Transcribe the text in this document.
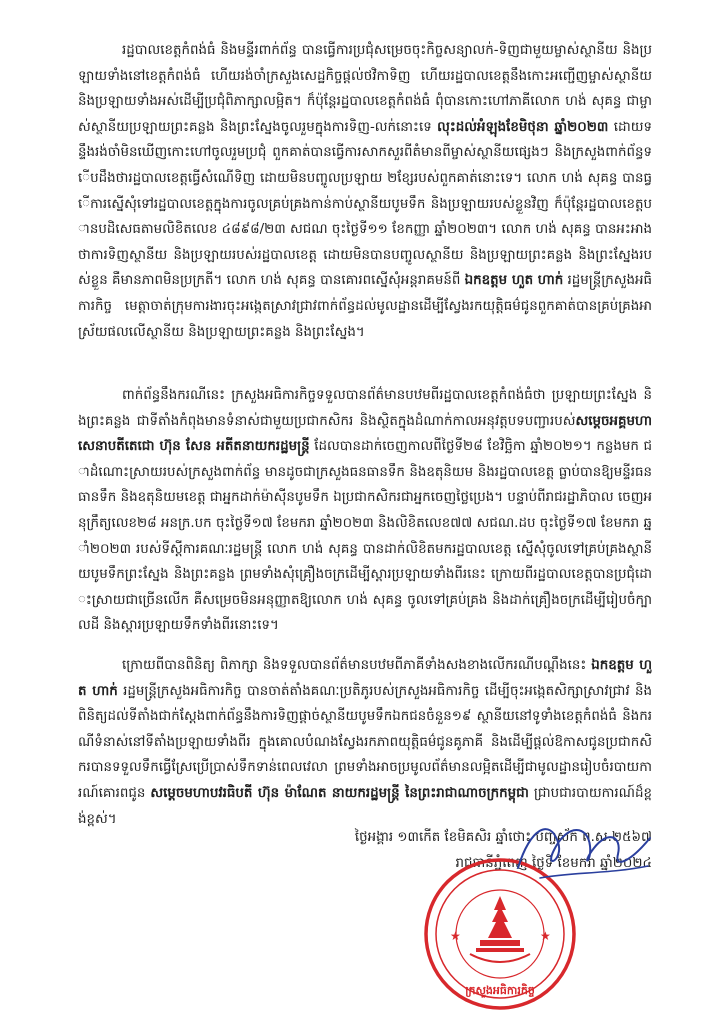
រដ្ឋបាលខេត្តកំពង់ធំ និងមន្ទីរពាក់ព័ន្ធ បានធ្វើការប្រជុំសម្រេចចុះកិច្ចសន្យាលក់-ទិញជាមួយម្ចាស់ស្ថានីយ និងប្រឡាយទាំងនៅខេត្តកំពង់ធំ ហើយរង់ចាំក្រសួងសេដ្ឋកិច្ចផ្តល់ថវិកាទិញ ហើយរដ្ឋបាលខេត្តនឹងកោះអញ្ជើញម្ចាស់ស្ថានីយ និងប្រឡាយទាំងអស់ដើម្បីប្រជុំពិភាក្សាលម្អិត។ ក៏ប៉ុន្តែរដ្ឋបាលខេត្តកំពង់ធំ ពុំបានកោះហៅភាគីលោក ហង់ សុគន្ធ ជាម្ចាស់ស្ថានីយប្រឡាយព្រះគន្លង និងព្រះស្នែងចូលរួមក្នុងការទិញ-លក់នោះទេ លុះដល់អំឡុងខែមិថុនា ឆ្នាំ២០២៣ ដោយទន្ទឹងរង់ចាំមិនឃើញកោះហៅចូលរួមប្រជុំ ពួកគាត់បានធ្វើការសាកសួរពីតំមានពីម្ចាស់ស្ថានីយផ្សេងៗ និងក្រសួងពាក់ព័ន្ធទើបដឹងថារដ្ឋបាលខេត្តធ្វើសំណើទិញ ដោយមិនបញ្ចូលប្រឡាយ ២ខ្សែរបស់ពួកគាត់នោះទេ។ លោក ហង់ សុគន្ធ បានធ្វើការស្នើសុំទៅរដ្ឋបាលខេត្តក្នុងការចូលគ្រប់គ្រងកាន់កាប់ស្ថានីយបូមទឹក និងប្រឡាយរបស់ខ្លួនវិញ ក៏ប៉ុន្តែរដ្ឋបាលខេត្តបានបដិសេធតាមលិខិតលេខ ៤៨៩៨/២៣ សជណ ចុះថ្ងៃទី១១ ខែកញ្ញា ឆ្នាំ២០២៣។ លោក ហង់ សុគន្ធ បានអះអាងថាការទិញស្ថានីយ និងប្រឡាយរបស់រដ្ឋបាលខេត្ត ដោយមិនបានបញ្ចូលស្ថានីយ និងប្រឡាយព្រះគន្លង និងព្រះស្នែងរបស់ខ្លួន គឺមានភាពមិនប្រក្រតី។ លោក ហង់ សុគន្ធ បានគោរពស្នើសុំអន្តរាគមន៍ពី ឯកឧត្តម ហួត ហាក់ រដ្ឋមន្ត្រីក្រសួងអធិការកិច្ច មេត្តាចាត់ក្រុមការងារចុះអង្កេតស្រាវជ្រាវពាក់ព័ន្ធដល់មូលដ្ឋានដើម្បីស្វែងរកយុត្តិធម៌ជូនពួកគាត់បានគ្រប់គ្រងអាស្រ័យផលលើស្ថានីយ និងប្រឡាយព្រះគន្លង និងព្រះស្នែង។
ពាក់ព័ន្ធនឹងករណីនេះ ក្រសួងអធិការកិច្ចទទួលបានព័ត៌មានបឋមពីរដ្ឋបាលខេត្តកំពង់ធំថា ប្រឡាយព្រះស្នែង និងព្រះគន្លង ជាទីតាំងកំពុងមានទំនាស់ជាមួយប្រជាកសិករ និងស្ថិតក្នុងដំណាក់កាលអនុវត្តបទបញ្ជារបស់សម្តេចអគ្គមហាសេនាបតីតេជោ ហ៊ុន សែន អតីតនាយករដ្ឋមន្ត្រី ដែលបានដាក់ចេញកាលពីថ្ងៃទី២៨ ខែវិច្ឆិកា ឆ្នាំ២០២១។ កន្លងមក ជាដំណោះស្រាយរបស់ក្រសួងពាក់ព័ន្ធ មានដូចជាក្រសួងធនធានទឹក និងឧតុនិយម និងរដ្ឋបាលខេត្ត ធ្លាប់បានឱ្យមន្ទីរធនធានទឹក និងឧតុនិយមខេត្ត ជាអ្នកដាក់ម៉ាស៊ីនបូមទឹក ឯប្រជាកសិករជាអ្នកចេញថ្លៃប្រេង។ បន្ទាប់ពីរាជរដ្ឋាភិបាល ចេញអនុក្រឹត្យលេខ២៨ អនក្រ.បក ចុះថ្ងៃទី១៧ ខែមករា ឆ្នាំ២០២៣ និងលិខិតលេខ៧៧ សជណ.ដប ចុះថ្ងៃទី១៧ ខែមករា ឆ្នាំ២០២៣ របស់ទីស្តីការគណៈរដ្ឋមន្ត្រី លោក ហង់ សុគន្ធ បានដាក់លិខិតមករដ្ឋបាលខេត្ត ស្នើសុំចូលទៅគ្រប់គ្រងស្ថានីយបូមទឹកព្រះស្នែង និងព្រះគន្លង ព្រមទាំងសុំគ្រឿងចក្រដើម្បីស្តារប្រឡាយទាំងពីរនេះ ក្រោយពីរដ្ឋបាលខេត្តបានប្រជុំដោះស្រាយជាច្រើនលើក គឺសម្រេចមិនអនុញ្ញាតឱ្យលោក ហង់ សុគន្ធ ចូលទៅគ្រប់គ្រង និងដាក់គ្រឿងចក្រដើម្បីរៀបចំក្បាលដី និងស្តារប្រឡាយទឹកទាំងពីរនោះទេ។
ក្រោយពីបានពិនិត្យ ពិភាក្សា និងទទួលបានព័ត៌មានបឋមពីភាគីទាំងសងខាងលើករណីបណ្តឹងនេះ ឯកឧត្តម ហួត ហាក់ រដ្ឋមន្ត្រីក្រសួងអធិការកិច្ច បានចាត់តាំងគណៈប្រតិភូរបស់ក្រសួងអធិការកិច្ច ដើម្បីចុះអង្កេតសិក្សាស្រាវជ្រាវ និងពិនិត្យដល់ទីតាំងជាក់ស្តែងពាក់ព័ន្ធនឹងការទិញផ្តាច់ស្ថានីយបូមទឹកឯកជនចំនួន១៩ ស្ថានីយនៅទូទាំងខេត្តកំពង់ធំ និងករណីទំនាស់នៅទីតាំងប្រឡាយទាំងពីរ ក្នុងគោលបំណងស្វែងរកភាពយុត្តិធម៌ជូនគូភាគី និងដើម្បីផ្តល់ឱកាសជូនប្រជាកសិករបានទទួលទឹកធ្វើស្រែប្រើប្រាស់ទឹកទាន់ពេលវេលា ព្រមទាំងអាចប្រមូលព័ត៌មានលម្អិតដើម្បីជាមូលដ្ឋានរៀបចំរបាយការណ៍គោរពជូន សម្តេចមហាបវរធិបតី ហ៊ុន ម៉ាណែត នាយករដ្ឋមន្ត្រី នៃព្រះរាជាណាចក្រកម្ពុជា ជ្រាបជារបាយការណ៍ដ៏ខ្ពង់ខ្ពស់។
ថ្ងៃអង្គារ ១៣កើត ខែមិគសិរ ឆ្នាំថោះ បញ្ចស័ក ព.ស.២៥៦៧
រាជធានីភ្នំពេញ ថ្ងៃទី ខែមករា ឆ្នាំ២០២៤
★	★
ក្រសួងអធិការកិច្ច
